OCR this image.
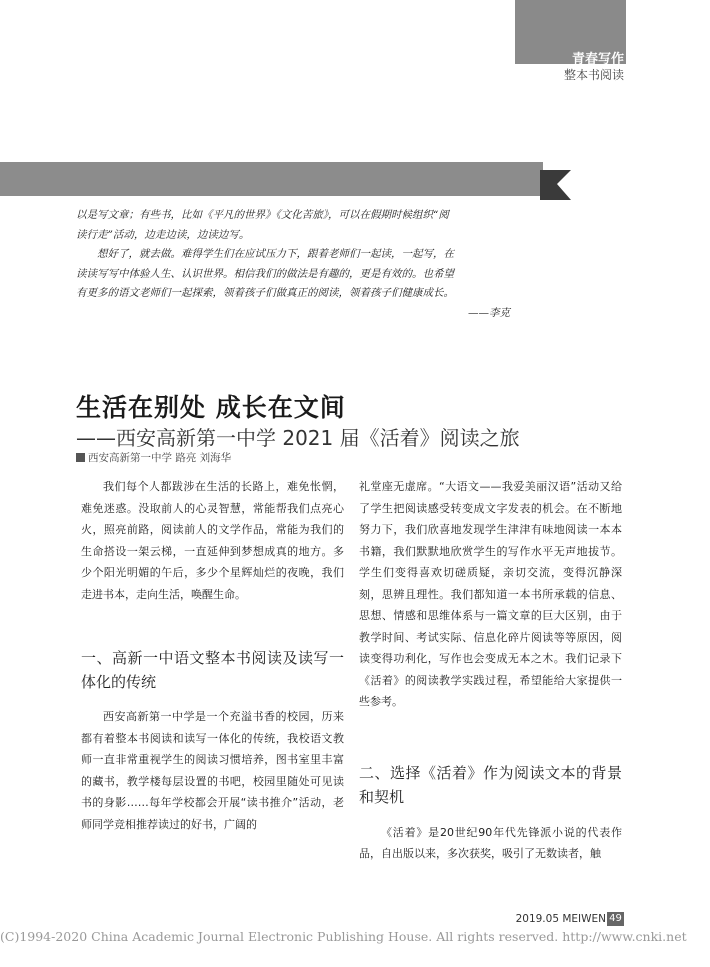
青春写作
整本书阅读

以是写文章；有些书，比如《平凡的世界》《文化苦旅》，可以在假期时候组织“阅

读行走”活动，边走边读，边读边写。

想好了，就去做。难得学生们在应试压力下，跟着老师们一起读，一起写，在

读读写写中体验人生、认识世界。相信我们的做法是有趣的，更是有效的。也希望

有更多的语文老师们一起探索，领着孩子们做真正的阅读，领着孩子们健康成长。

——李克

生活在别处 成长在文间
——西安高新第一中学 2021 届《活着》阅读之旅
西安高新第一中学 路亮 刘海华

我们每个人都跋涉在生活的长路上，难免怅惘，难免迷惑。没取前人的心灵智慧，常能帮我们点亮心火，照亮前路，阅读前人的文学作品，常能为我们的生命搭设一架云梯，一直延伸到梦想成真的地方。多少个阳光明媚的午后，多少个星辉灿烂的夜晚，我们走进书本，走向生活，唤醒生命。

一、高新一中语文整本书阅读及读写一体化的传统

西安高新第一中学是一个充溢书香的校园，历来都有着整本书阅读和读写一体化的传统，我校语文教师一直非常重视学生的阅读习惯培养，图书室里丰富的藏书，教学楼每层设置的书吧，校园里随处可见读书的身影……每年学校都会开展“读书推介”活动，老师同学竞相推荐读过的好书，广阔的

礼堂座无虚席。“大语文——我爱美丽汉语”活动又给了学生把阅读感受转变成文字发表的机会。在不断地努力下，我们欣喜地发现学生津津有味地阅读一本本书籍，我们默默地欣赏学生的写作水平无声地拔节。学生们变得喜欢切磋质疑，亲切交流，变得沉静深刻，思辨且理性。我们都知道一本书所承载的信息、思想、情感和思维体系与一篇文章的巨大区别，由于教学时间、考试实际、信息化碎片阅读等等原因，阅读变得功利化，写作也会变成无本之木。我们记录下《活着》的阅读教学实践过程，希望能给大家提供一些参考。

二、选择《活着》作为阅读文本的背景和契机

《活着》是20世纪90年代先锋派小说的代表作品，自出版以来，多次获奖，吸引了无数读者，触

2019.05 MEIWEN 49
(C)1994-2020 China Academic Journal Electronic Publishing House. All rights reserved. http://www.cnki.net
